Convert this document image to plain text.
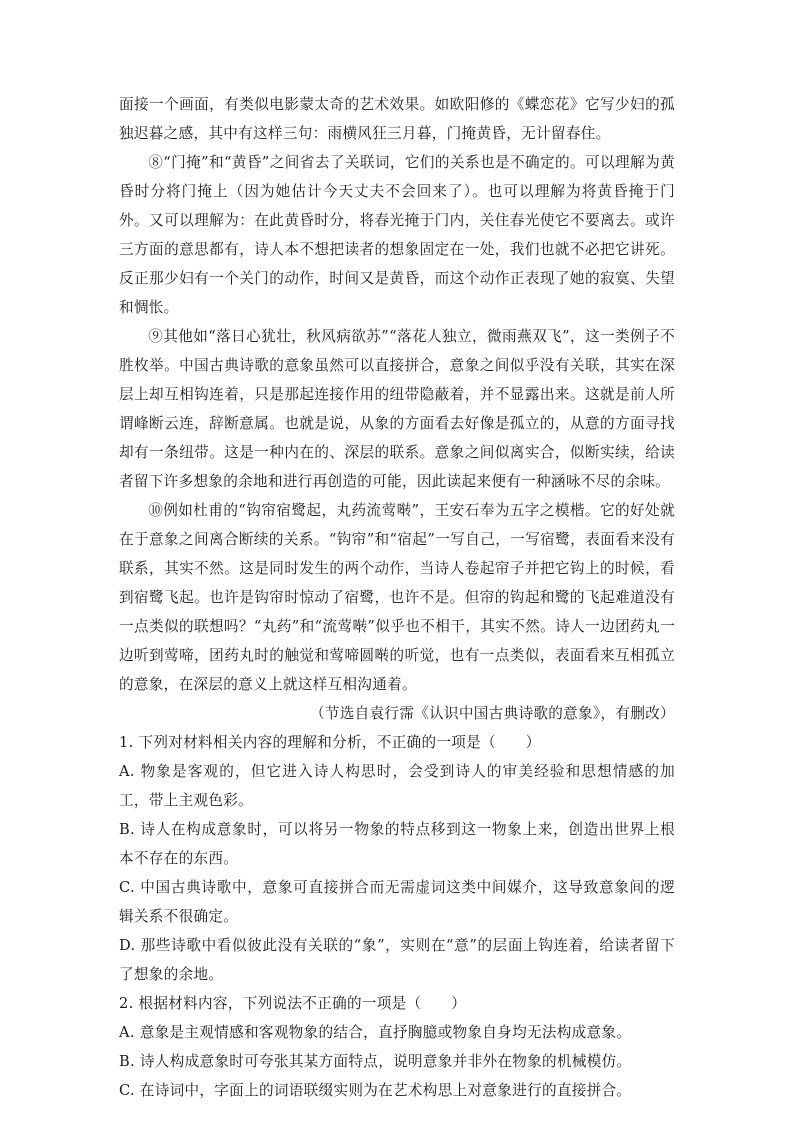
面接一个画面，有类似电影蒙太奇的艺术效果。如欧阳修的《蝶恋花》它写少妇的孤独迟暮之感，其中有这样三句：雨横风狂三月暮，门掩黄昏，无计留春住。

⑧“门掩”和“黄昏”之间省去了关联词，它们的关系也是不确定的。可以理解为黄昏时分将门掩上（因为她估计今天丈夫不会回来了）。也可以理解为将黄昏掩于门外。又可以理解为：在此黄昏时分，将春光掩于门内，关住春光使它不要离去。或许三方面的意思都有，诗人本不想把读者的想象固定在一处，我们也就不必把它讲死。反正那少妇有一个关门的动作，时间又是黄昏，而这个动作正表现了她的寂寞、失望和惆怅。

⑨其他如“落日心犹壮，秋风病欲苏”“落花人独立，微雨燕双飞”，这一类例子不胜枚举。中国古典诗歌的意象虽然可以直接拼合，意象之间似乎没有关联，其实在深层上却互相钩连着，只是那起连接作用的纽带隐蔽着，并不显露出来。这就是前人所谓峰断云连，辞断意属。也就是说，从象的方面看去好像是孤立的，从意的方面寻找却有一条纽带。这是一种内在的、深层的联系。意象之间似离实合，似断实续，给读者留下许多想象的余地和进行再创造的可能，因此读起来便有一种涵咏不尽的余味。

⑩例如杜甫的“钩帘宿鹭起，丸药流莺啭”，王安石奉为五字之模楷。它的好处就在于意象之间离合断续的关系。“钩帘”和“宿起”一写自己，一写宿鹭，表面看来没有联系，其实不然。这是同时发生的两个动作，当诗人卷起帘子并把它钩上的时候，看到宿鹭飞起。也许是钩帘时惊动了宿鹭，也许不是。但帘的钩起和鹭的飞起难道没有一点类似的联想吗？“丸药”和“流莺啭”似乎也不相干，其实不然。诗人一边团药丸一边听到莺啼，团药丸时的触觉和莺啼圆啭的听觉，也有一点类似，表面看来互相孤立的意象，在深层的意义上就这样互相沟通着。

（节选自袁行霈《认识中国古典诗歌的意象》，有删改）

1. 下列对材料相关内容的理解和分析，不正确的一项是（　　）

A. 物象是客观的，但它进入诗人构思时，会受到诗人的审美经验和思想情感的加工，带上主观色彩。

B. 诗人在构成意象时，可以将另一物象的特点移到这一物象上来，创造出世界上根本不存在的东西。

C. 中国古典诗歌中，意象可直接拼合而无需虚词这类中间媒介，这导致意象间的逻辑关系不很确定。

D. 那些诗歌中看似彼此没有关联的“象”，实则在“意”的层面上钩连着，给读者留下了想象的余地。

2. 根据材料内容，下列说法不正确的一项是（　　）

A. 意象是主观情感和客观物象的结合，直抒胸臆或物象自身均无法构成意象。

B. 诗人构成意象时可夸张其某方面特点，说明意象并非外在物象的机械模仿。

C. 在诗词中，字面上的词语联缀实则为在艺术构思上对意象进行的直接拼合。
